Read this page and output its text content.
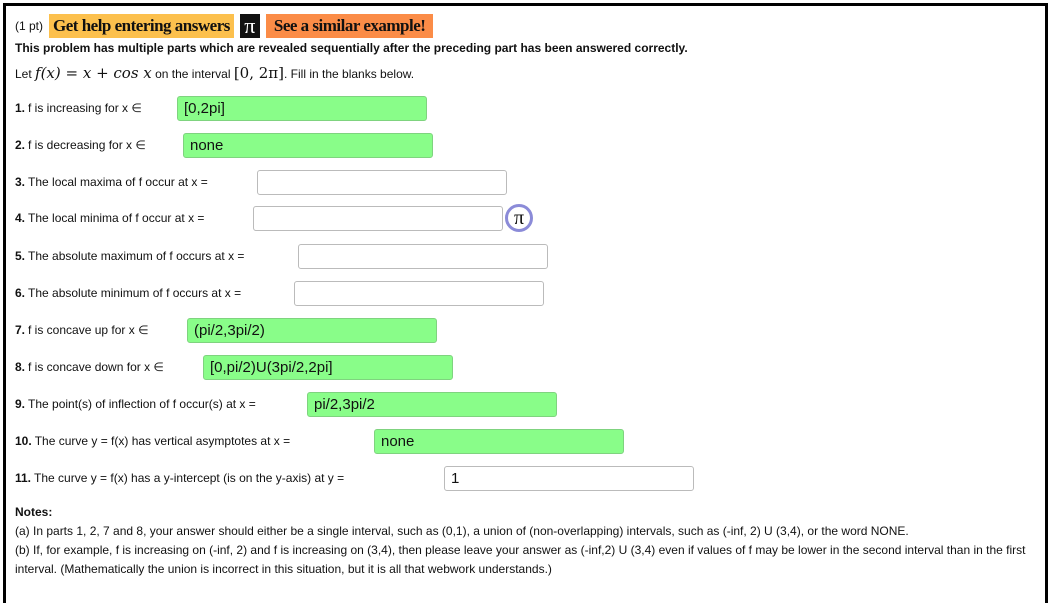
(1 pt) Get help entering answers π	See a similar example!
This problem has multiple parts which are revealed sequentially after the preceding part has been answered correctly.
Let f(x) = x + cos x on the interval [0, 2π]. Fill in the blanks below.
1. f is increasing for x ∈	[0,2pi]
2. f is decreasing for x ∈	none
3. The local maxima of f occur at x =
4. The local minima of f occur at x =
5. The absolute maximum of f occurs at x =
6. The absolute minimum of f occurs at x =
7. f is concave up for x ∈	(pi/2,3pi/2)
8. f is concave down for x ∈	[0,pi/2)U(3pi/2,2pi]
9. The point(s) of inflection of f occur(s) at x =	pi/2,3pi/2
10. The curve y = f(x) has vertical asymptotes at x =	none
11. The curve y = f(x) has a y-intercept (is on the y-axis) at y =	1
π
Notes:
(a) In parts 1, 2, 7 and 8, your answer should either be a single interval, such as (0,1), a union of (non-overlapping) intervals, such as (-inf, 2) U (3,4), or the word NONE.
(b) If, for example, f is increasing on (-inf, 2) and f is increasing on (3,4), then please leave your answer as (-inf,2) U (3,4) even if values of f may be lower in the second interval than in the first interval. (Mathematically the union is incorrect in this situation, but it is all that webwork understands.)
